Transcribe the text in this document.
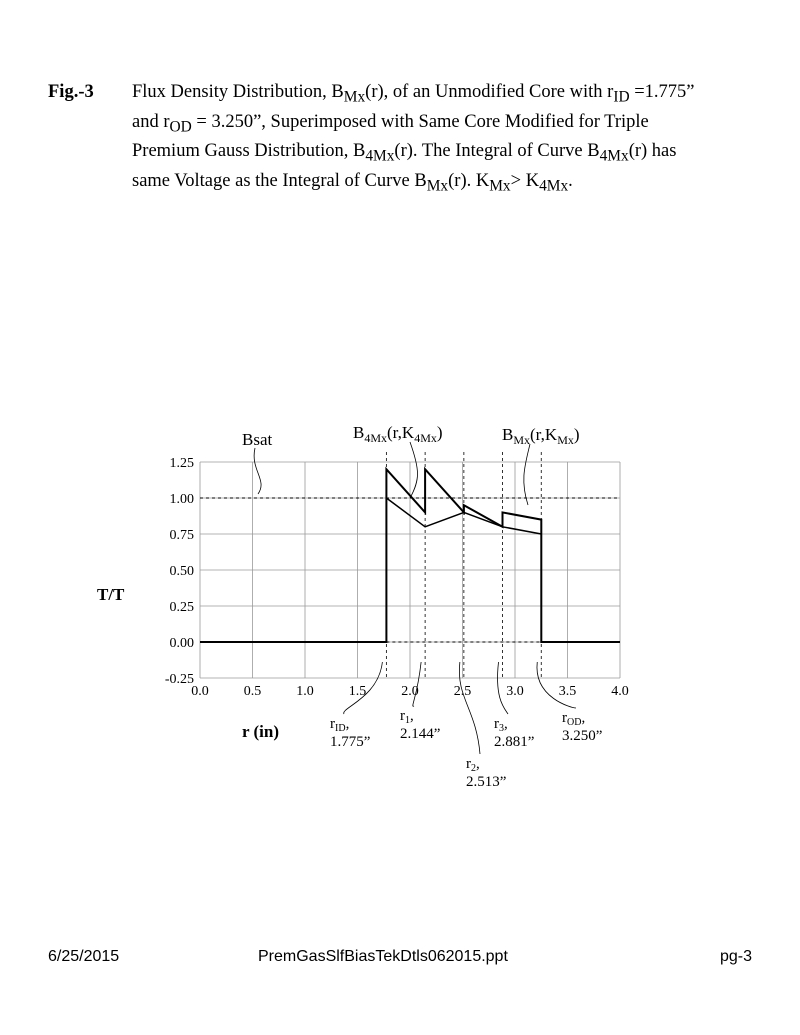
Fig.-3 Flux Density Distribution, $B_{Mx}(r)$, of an Unmodified Core with $r_{ID} =1.775$”
and $r_{OD} = 3.250$”, Superimposed with Same Core Modified for Triple
Premium Gauss Distribution, $B_{4Mx}(r)$. The Integral of Curve $B_{4Mx}(r)$ has
same Voltage as the Integral of Curve $B_{Mx}(r)$. $K_{Mx}> K_{4Mx}$.
1.25
1.00
0.75
0.50
0.25
0.00
-0.25
0.0	0.5	1.0	1.5	2.0	2.5	3.0	3.5	4.0
T/T
r (in)
Bsat	$B_{4Mx}(r,K_{4Mx})$	$B_{Mx}(r,K_{Mx})$
$r_{ID}$,
1.775”
$r_1$,
2.144”
$r_2$,
2.513”
$r_3$,
2.881”
$r_{OD}$,
3.250”
6/25/2015	PremGasSlfBiasTekDtls062015.ppt	pg-3
